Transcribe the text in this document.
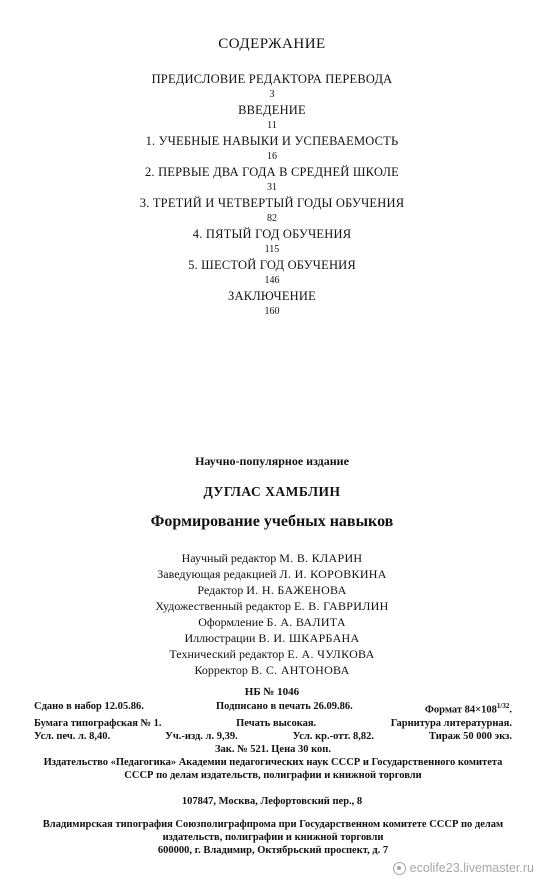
СОДЕРЖАНИЕ
ПРЕДИСЛОВИЕ РЕДАКТОРА ПЕРЕВОДА
3
ВВЕДЕНИЕ
11
1. УЧЕБНЫЕ НАВЫКИ И УСПЕВАЕМОСТЬ
16
2. ПЕРВЫЕ ДВА ГОДА В СРЕДНЕЙ ШКОЛЕ
31
3. ТРЕТИЙ И ЧЕТВЕРТЫЙ ГОДЫ ОБУЧЕНИЯ
82
4. ПЯТЫЙ ГОД ОБУЧЕНИЯ
115
5. ШЕСТОЙ ГОД ОБУЧЕНИЯ
146
ЗАКЛЮЧЕНИЕ
160
Научно-популярное издание
ДУГЛАС ХАМБЛИН
Формирование учебных навыков
Научный редактор М. В. КЛАРИН
Заведующая редакцией Л. И. КОРОВКИНА
Редактор И. Н. БАЖЕНОВА
Художественный редактор Е. В. ГАВРИЛИН
Оформление Б. А. ВАЛИТА
Иллюстрации В. И. ШКАРБАНА
Технический редактор Е. А. ЧУЛКОВА
Корректор В. С. АНТОНОВА
НБ № 1046
Сдано в набор 12.05.86.	Подписано в печать 26.09.86.	Формат $84\times 108^{1/32}$.
Бумага типографская № 1.	Печать высокая.	Гарнитура литературная.
Усл. печ. л. 8,40.	Уч.-изд. л. 9,39.	Усл. кр.-отт. 8,82.	Тираж 50 000 экз.
Зак. № 521. Цена 30 коп.
Издательство «Педагогика» Академии педагогических наук СССР и Государственного комитета СССР по делам издательств, полиграфии и книжной торговли
107847, Москва, Лефортовский пер., 8
Владимирская типография Союзполиграфпрома при Государственном комитете СССР по делам издательств, полиграфии и книжной торговли
600000, г. Владимир, Октябрьский проспект, д. 7
ecolife23.livemaster.ru
